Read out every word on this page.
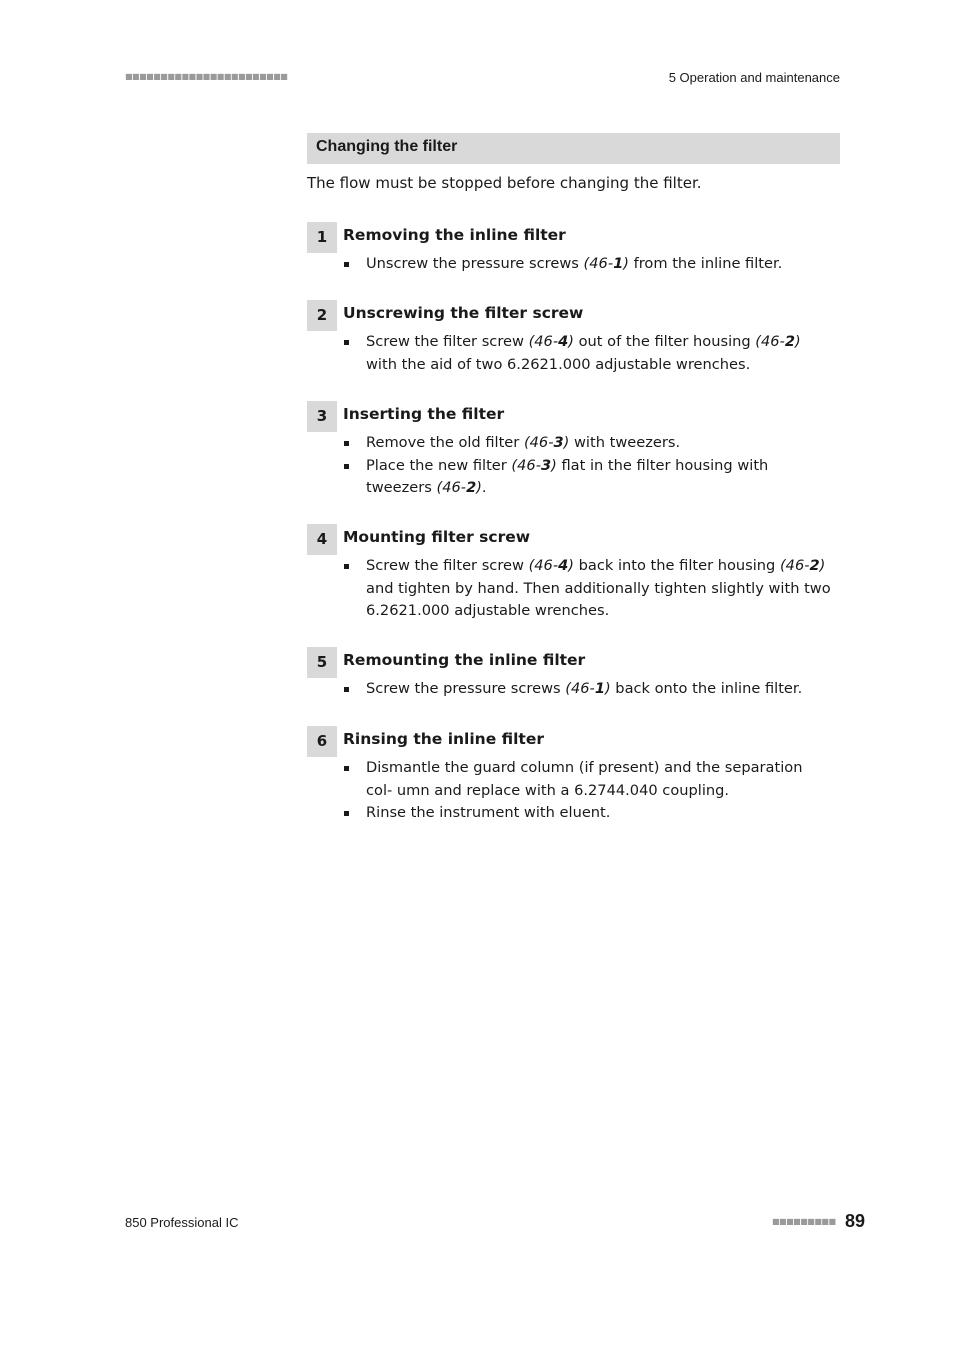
■■■■■■■■■■■■■■■■■■■■■■■	5 Operation and maintenance
Changing the filter
The flow must be stopped before changing the filter.
1	Removing the inline filter
Unscrew the pressure screws (46-1) from the inline filter.
2	Unscrewing the filter screw
Screw the filter screw (46-4) out of the filter housing (46-2) with the aid of two 6.2621.000 adjustable wrenches.
3	Inserting the filter
Remove the old filter (46-3) with tweezers.
Place the new filter (46-3) flat in the filter housing with tweezers (46-2).
4	Mounting filter screw
Screw the filter screw (46-4) back into the filter housing (46-2) and tighten by hand. Then additionally tighten slightly with two 6.2621.000 adjustable wrenches.
5	Remounting the inline filter
Screw the pressure screws (46-1) back onto the inline filter.
6	Rinsing the inline filter
Dismantle the guard column (if present) and the separation col- umn and replace with a 6.2744.040 coupling.
Rinse the instrument with eluent.
850 Professional IC	■■■■■■■■■ 89
